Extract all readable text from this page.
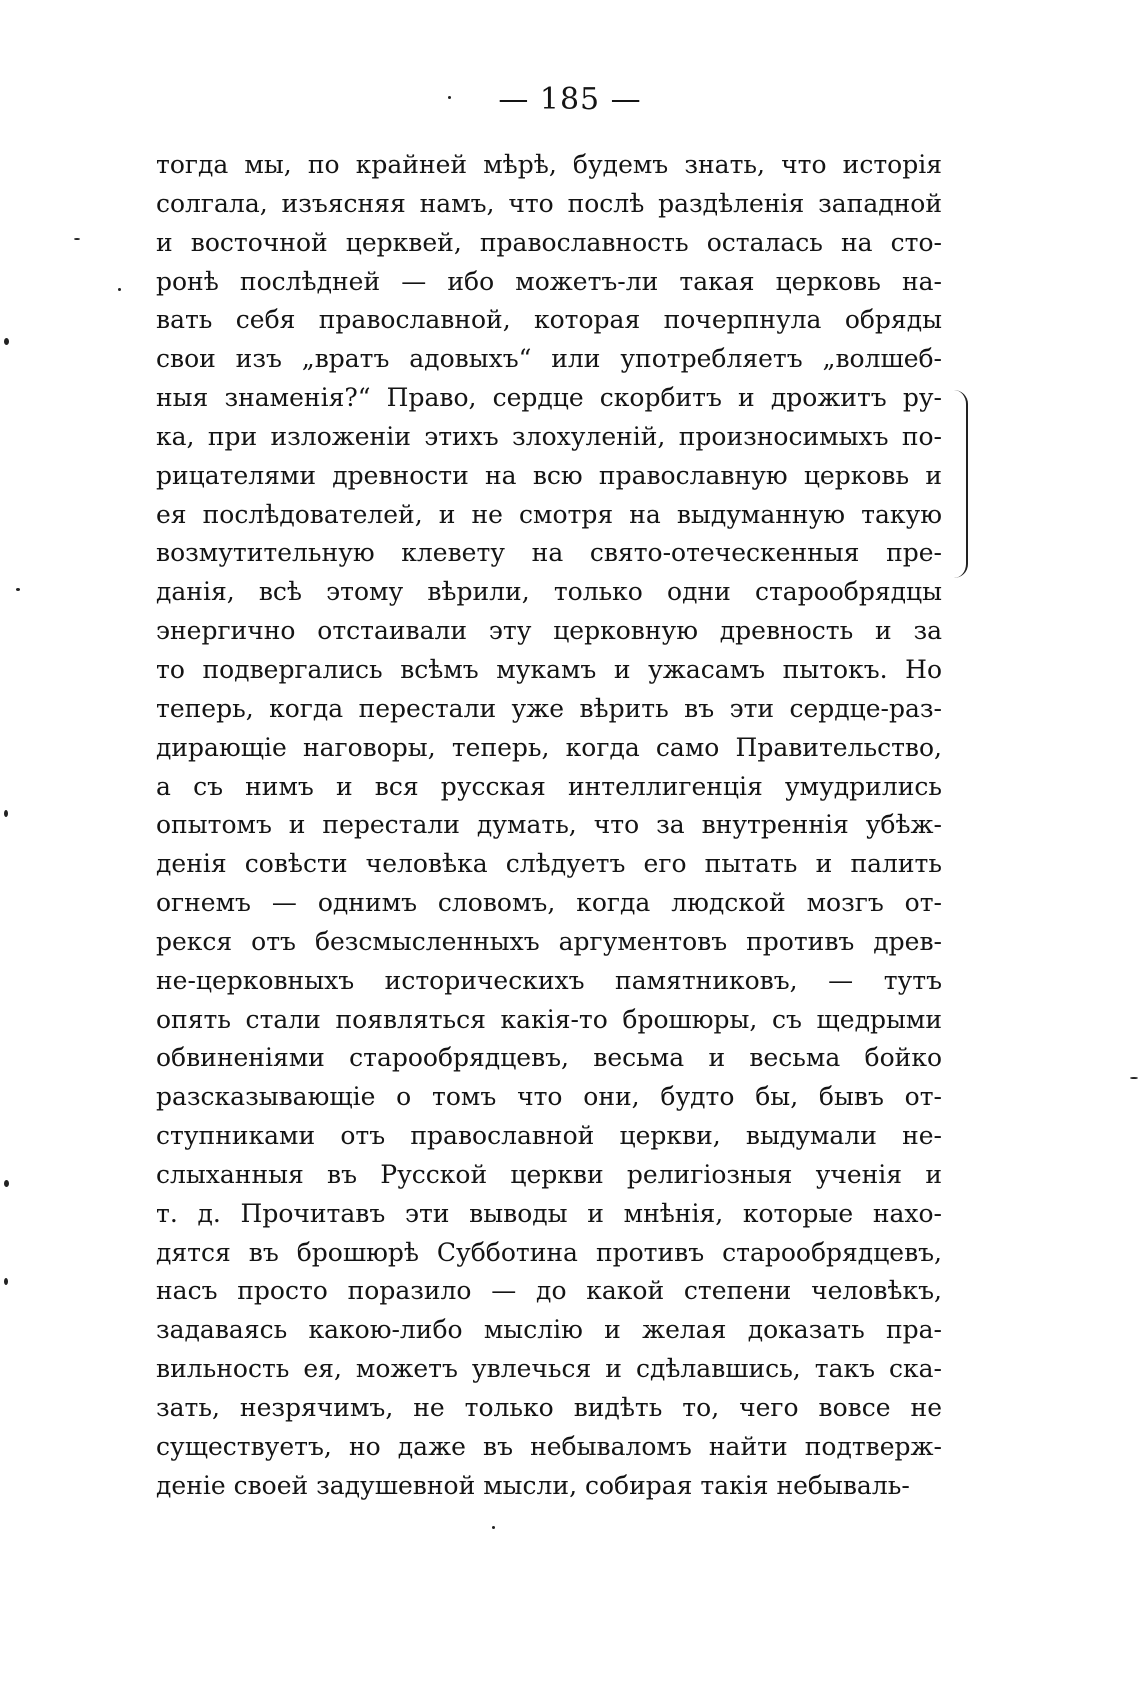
— 185 —
тогда мы, по крайней мѣрѣ, будемъ знать, что исторія
солгала, изъясняя намъ, что послѣ раздѣленія западной
и восточной церквей, православность осталась на сто-
ронѣ послѣдней — ибо можетъ-ли такая церковь на-
вать себя православной, которая почерпнула обряды
свои изъ „вратъ адовыхъ“ или употребляетъ „волшеб-
ныя знаменія?“ Право, сердце скорбитъ и дрожитъ ру-
ка, при изложеніи этихъ злохуленій, произносимыхъ по-
рицателями древности на всю православную церковь и
ея послѣдователей, и не смотря на выдуманную такую
возмутительную клевету на свято-отеческенныя пре-
данія, всѣ этому вѣрили, только одни старообрядцы
энергично отстаивали эту церковную древность и за
то подвергались всѣмъ мукамъ и ужасамъ пытокъ. Но
теперь, когда перестали уже вѣрить въ эти сердце-раз-
дирающіе наговоры, теперь, когда само Правительство,
а съ нимъ и вся русская интеллигенція умудрились
опытомъ и перестали думать, что за внутреннія убѣж-
денія совѣсти человѣка слѣдуетъ его пытать и палить
огнемъ — однимъ словомъ, когда людской мозгъ от-
рекся отъ безсмысленныхъ аргументовъ противъ древ-
не-церковныхъ историческихъ памятниковъ, — тутъ
опять стали появляться какія-то брошюры, съ щедрыми
обвиненіями старообрядцевъ, весьма и весьма бойко
разсказывающіе о томъ что они, будто бы, бывъ от-
ступниками отъ православной церкви, выдумали не-
слыханныя въ Русской церкви религіозныя ученія и
т. д. Прочитавъ эти выводы и мнѣнія, которые нахо-
дятся въ брошюрѣ Субботина противъ старообрядцевъ,
насъ просто поразило — до какой степени человѣкъ,
задаваясь какою-либо мыслію и желая доказать пра-
вильность ея, можетъ увлечься и сдѣлавшись, такъ ска-
зать, незрячимъ, не только видѣть то, чего вовсе не
существуетъ, но даже въ небываломъ найти подтверж-
деніе своей задушевной мысли, собирая такія небываль-
